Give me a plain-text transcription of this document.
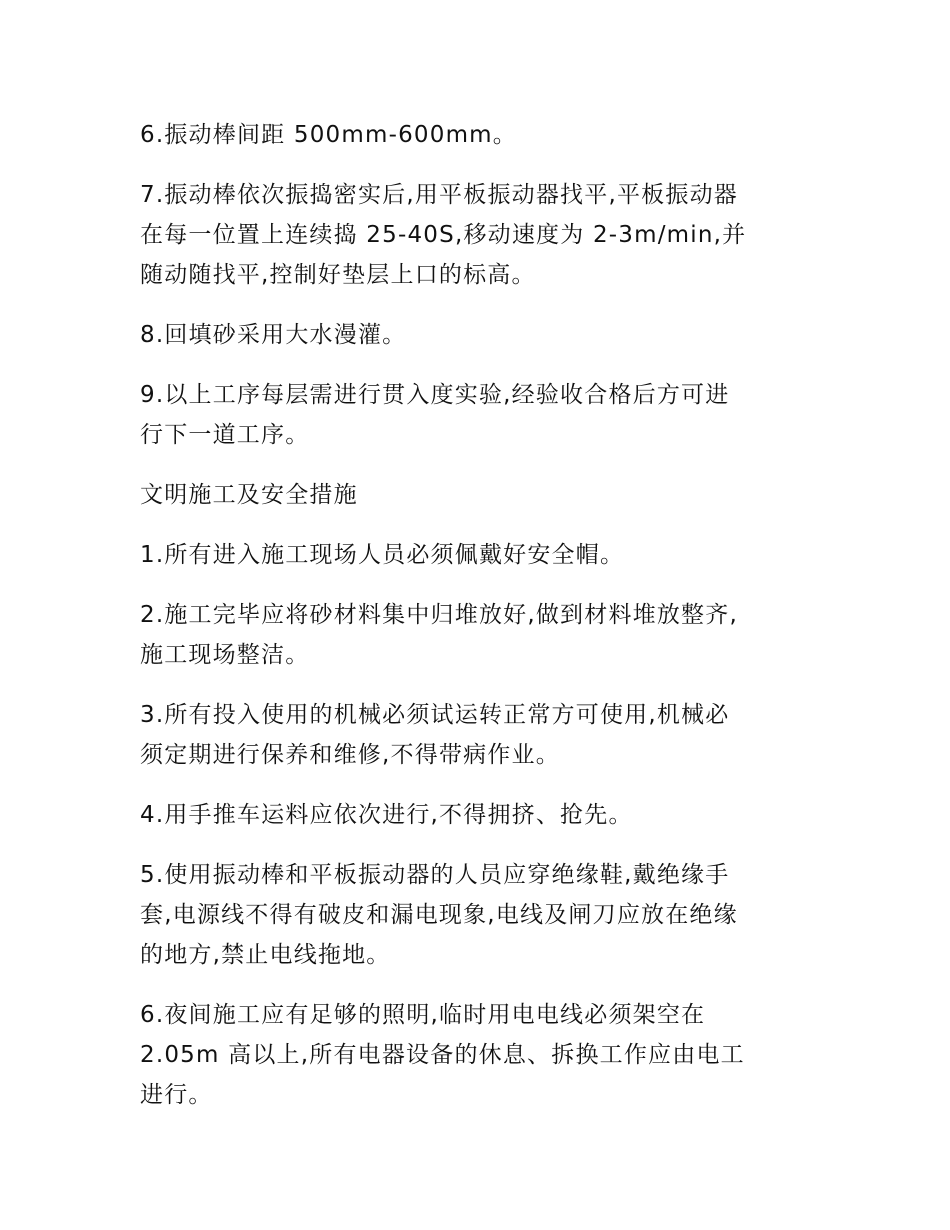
6.振动棒间距 500mm-600mm。

7.振动棒依次振捣密实后,用平板振动器找平,平板振动器
在每一位置上连续捣 25-40S,移动速度为 2-3m/min,并
随动随找平,控制好垫层上口的标高。

8.回填砂采用大水漫灌。

9.以上工序每层需进行贯入度实验,经验收合格后方可进
行下一道工序。

文明施工及安全措施

1.所有进入施工现场人员必须佩戴好安全帽。

2.施工完毕应将砂材料集中归堆放好,做到材料堆放整齐,
施工现场整洁。

3.所有投入使用的机械必须试运转正常方可使用,机械必
须定期进行保养和维修,不得带病作业。

4.用手推车运料应依次进行,不得拥挤、抢先。

5.使用振动棒和平板振动器的人员应穿绝缘鞋,戴绝缘手
套,电源线不得有破皮和漏电现象,电线及闸刀应放在绝缘
的地方,禁止电线拖地。

6.夜间施工应有足够的照明,临时用电电线必须架空在
2.05m 高以上,所有电器设备的休息、拆换工作应由电工
进行。
